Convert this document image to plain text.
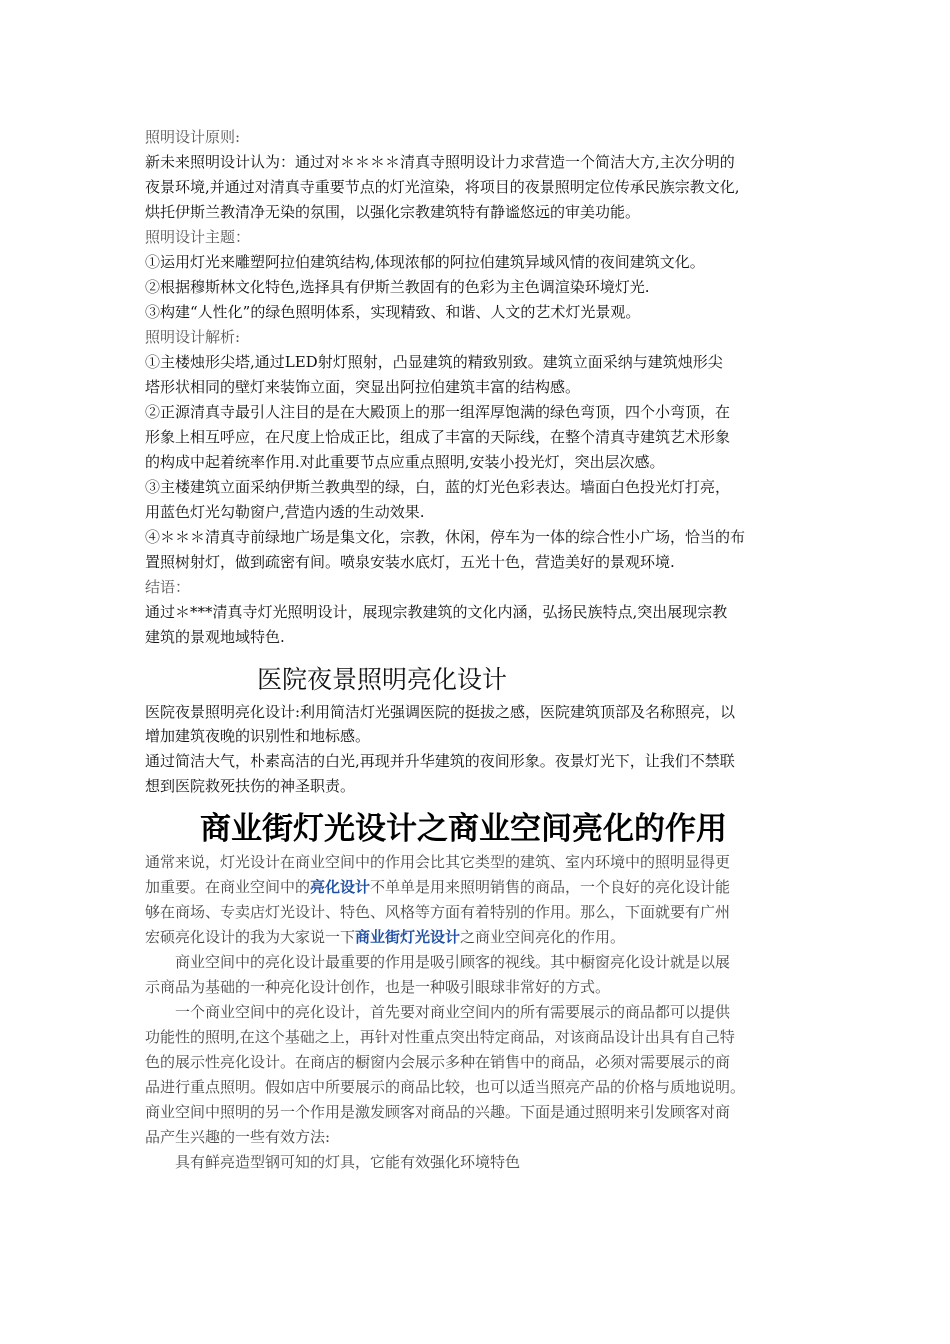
照明设计原则:
新未来照明设计认为：通过对＊＊＊＊清真寺照明设计力求营造一个简洁大方,主次分明的
夜景环境,并通过对清真寺重要节点的灯光渲染，将项目的夜景照明定位传承民族宗教文化,
烘托伊斯兰教清净无染的氛围，以强化宗教建筑特有静谧悠远的审美功能。
照明设计主题：
①运用灯光来雕塑阿拉伯建筑结构,体现浓郁的阿拉伯建筑异域风情的夜间建筑文化。
②根据穆斯林文化特色,选择具有伊斯兰教固有的色彩为主色调渲染环境灯光.
③构建“人性化”的绿色照明体系，实现精致、和谐、人文的艺术灯光景观。
照明设计解析:
①主楼烛形尖塔,通过LED射灯照射，凸显建筑的精致别致。建筑立面采纳与建筑烛形尖
塔形状相同的壁灯来装饰立面，突显出阿拉伯建筑丰富的结构感。
②正源清真寺最引人注目的是在大殿顶上的那一组浑厚饱满的绿色弯顶，四个小弯顶，在
形象上相互呼应，在尺度上恰成正比，组成了丰富的天际线，在整个清真寺建筑艺术形象
的构成中起着统率作用.对此重要节点应重点照明,安装小投光灯，突出层次感。
③主楼建筑立面采纳伊斯兰教典型的绿，白，蓝的灯光色彩表达。墙面白色投光灯打亮，
用蓝色灯光勾勒窗户,营造内透的生动效果.
④＊＊＊清真寺前绿地广场是集文化，宗教，休闲，停车为一体的综合性小广场，恰当的布
置照树射灯，做到疏密有间。喷泉安装水底灯，五光十色，营造美好的景观环境.
结语：
通过＊***清真寺灯光照明设计，展现宗教建筑的文化内涵，弘扬民族特点,突出展现宗教
建筑的景观地域特色.
医院夜景照明亮化设计
医院夜景照明亮化设计:利用简洁灯光强调医院的挺拔之感，医院建筑顶部及名称照亮，以
增加建筑夜晚的识别性和地标感。
通过简洁大气，朴素高洁的白光,再现并升华建筑的夜间形象。夜景灯光下，让我们不禁联
想到医院救死扶伤的神圣职责。
商业街灯光设计之商业空间亮化的作用
通常来说，灯光设计在商业空间中的作用会比其它类型的建筑、室内环境中的照明显得更
加重要。在商业空间中的亮化设计不单单是用来照明销售的商品，一个良好的亮化设计能
够在商场、专卖店灯光设计、特色、风格等方面有着特别的作用。那么，下面就要有广州
宏硕亮化设计的我为大家说一下商业街灯光设计之商业空间亮化的作用。
　　商业空间中的亮化设计最重要的作用是吸引顾客的视线。其中橱窗亮化设计就是以展
示商品为基础的一种亮化设计创作，也是一种吸引眼球非常好的方式。
　　一个商业空间中的亮化设计，首先要对商业空间内的所有需要展示的商品都可以提供
功能性的照明,在这个基础之上，再针对性重点突出特定商品，对该商品设计出具有自己特
色的展示性亮化设计。在商店的橱窗内会展示多种在销售中的商品，必须对需要展示的商
品进行重点照明。假如店中所要展示的商品比较，也可以适当照亮产品的价格与质地说明。
商业空间中照明的另一个作用是激发顾客对商品的兴趣。下面是通过照明来引发顾客对商
品产生兴趣的一些有效方法:
　　具有鲜亮造型钢可知的灯具，它能有效强化环境特色
